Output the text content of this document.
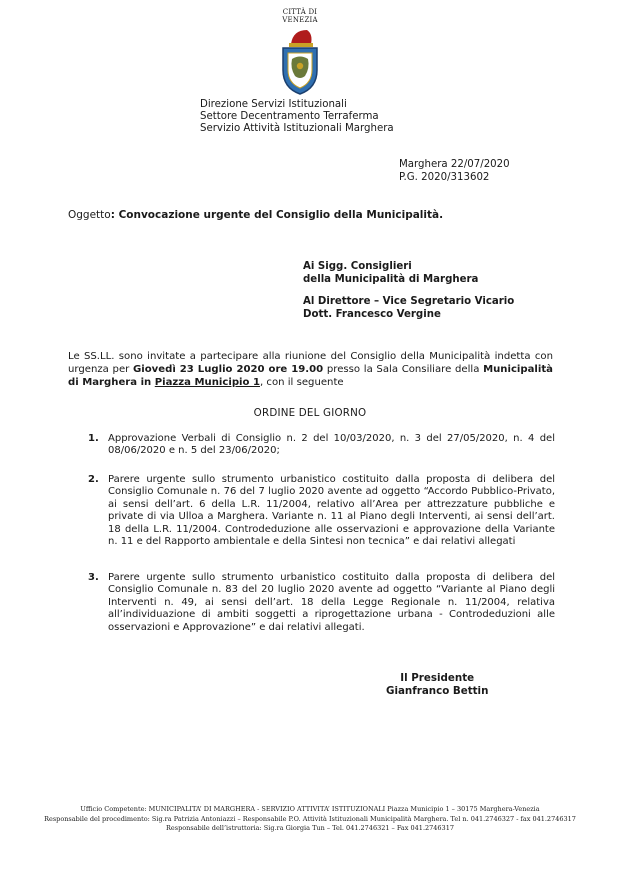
CITTÀ DI
VENEZIA
Direzione Servizi Istituzionali
Settore Decentramento Terraferma
Servizio Attività Istituzionali Marghera
Marghera 22/07/2020
P.G. 2020/313602
Oggetto: Convocazione urgente del Consiglio della Municipalità.
Ai Sigg. Consiglieri
della Municipalità di Marghera
Al Direttore – Vice Segretario Vicario
Dott. Francesco Vergine
Le SS.LL. sono invitate a partecipare alla riunione del Consiglio della Municipalità indetta con urgenza per Giovedì 23 Luglio 2020 ore 19.00 presso la Sala Consiliare della Municipalità di Marghera in Piazza Municipio 1, con il seguente
ORDINE DEL GIORNO
1. Approvazione Verbali di Consiglio n. 2 del 10/03/2020, n. 3 del 27/05/2020, n. 4 del 08/06/2020 e n. 5 del 23/06/2020;
2. Parere urgente sullo strumento urbanistico costituito dalla proposta di delibera del Consiglio Comunale n. 76 del 7 luglio 2020 avente ad oggetto “Accordo Pubblico-Privato, ai sensi dell’art. 6 della L.R. 11/2004, relativo all’Area per attrezzature pubbliche e private di via Ulloa a Marghera. Variante n. 11 al Piano degli Interventi, ai sensi dell’art. 18 della L.R. 11/2004. Controdeduzione alle osservazioni e approvazione della Variante n. 11 e del Rapporto ambientale e della Sintesi non tecnica” e dai relativi allegati
3. Parere urgente sullo strumento urbanistico costituito dalla proposta di delibera del Consiglio Comunale n. 83 del 20 luglio 2020 avente ad oggetto “Variante al Piano degli Interventi n. 49, ai sensi dell’art. 18 della Legge Regionale n. 11/2004, relativa all’individuazione di ambiti soggetti a riprogettazione urbana - Controdeduzioni alle osservazioni e Approvazione” e dai relativi allegati.
Il Presidente
Gianfranco Bettin
Ufficio Competente: MUNICIPALITA’ DI MARGHERA - SERVIZIO ATTIVITA’ ISTITUZIONALI Piazza Municipio 1 – 30175 Marghera-Venezia
Responsabile del procedimento: Sig.ra Patrizia Antoniazzi – Responsabile P.O. Attività Istituzionali Municipalità Marghera. Tel n. 041.2746327 - fax 041.2746317
Responsabile dell’istruttoria: Sig.ra Giorgia Tun – Tel. 041.2746321 – Fax 041.2746317
